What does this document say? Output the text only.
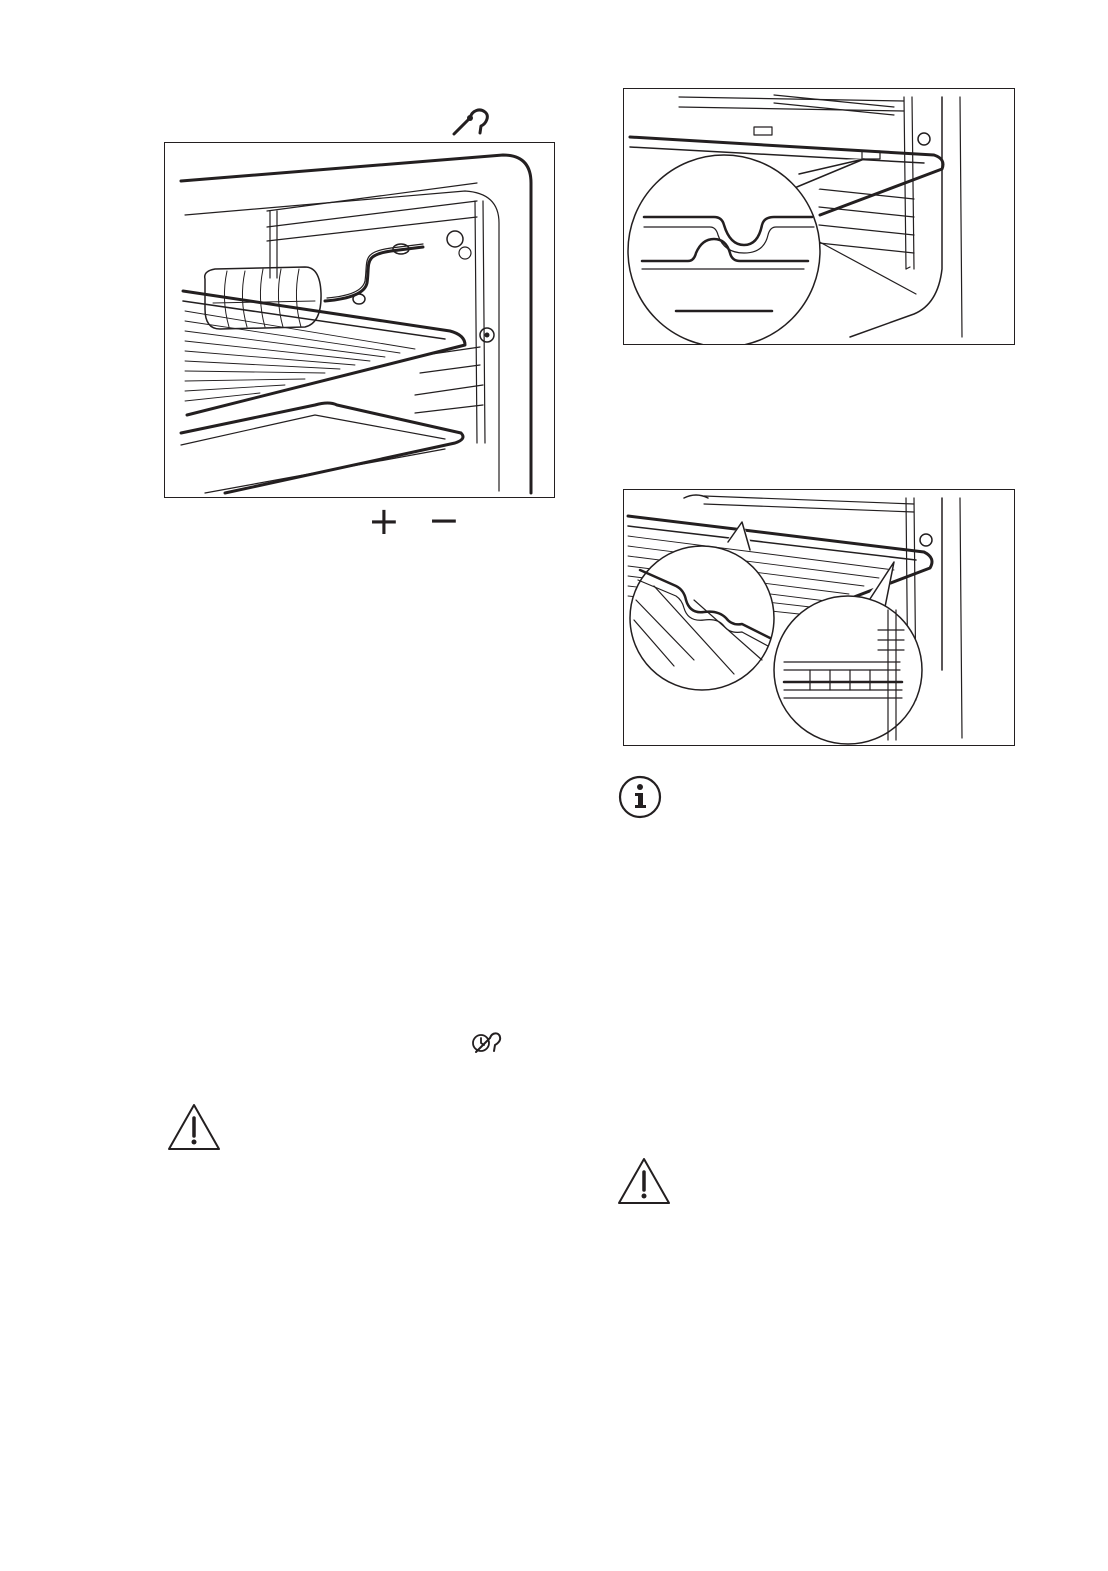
+ −
